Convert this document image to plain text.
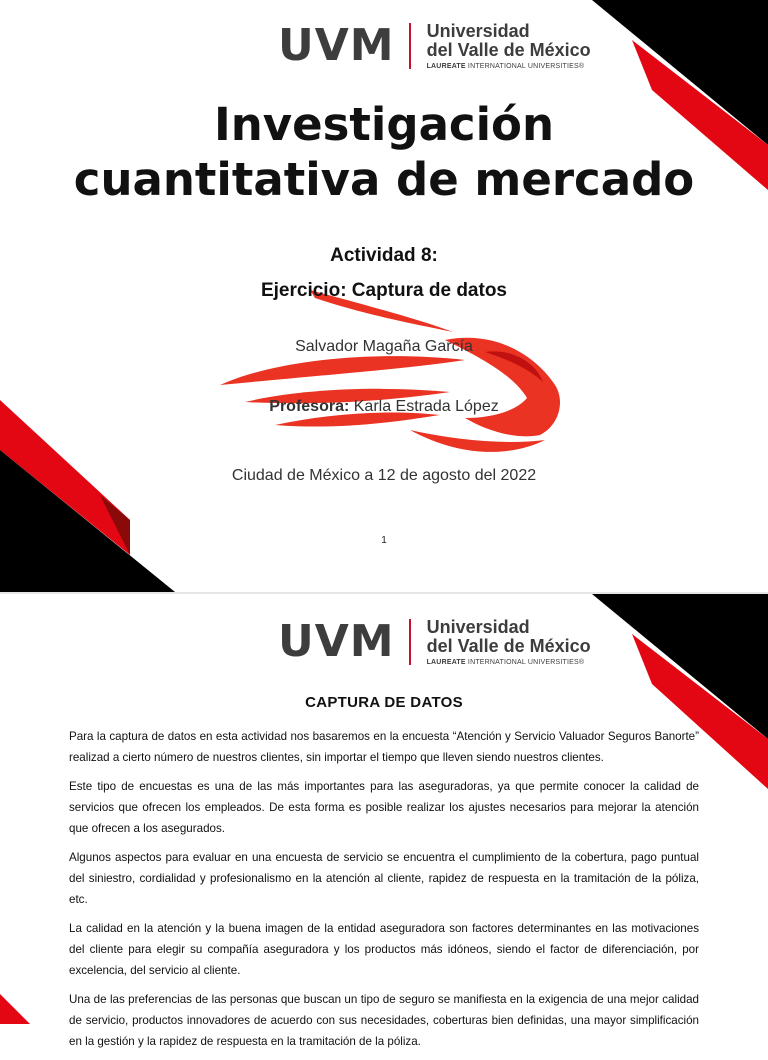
UVM Universidad
del Valle de México
LAUREATE INTERNATIONAL UNIVERSITIES®
Investigación
cuantitativa de mercado
Actividad 8:
Ejercicio: Captura de datos
Salvador Magaña García
Profesora: Karla Estrada López
Ciudad de México a 12 de agosto del 2022
1
UVM Universidad
del Valle de México
LAUREATE INTERNATIONAL UNIVERSITIES®
CAPTURA DE DATOS

Para la captura de datos en esta actividad nos basaremos en la encuesta “Atención y Servicio Valuador Seguros Banorte” realizad a cierto número de nuestros clientes, sin importar el tiempo que lleven siendo nuestros clientes.

Este tipo de encuestas es una de las más importantes para las aseguradoras, ya que permite conocer la calidad de servicios que ofrecen los empleados. De esta forma es posible realizar los ajustes necesarios para mejorar la atención que ofrecen a los asegurados.

Algunos aspectos para evaluar en una encuesta de servicio se encuentra el cumplimiento de la cobertura, pago puntual del siniestro, cordialidad y profesionalismo en la atención al cliente, rapidez de respuesta en la tramitación de la póliza, etc.

La calidad en la atención y la buena imagen de la entidad aseguradora son factores determinantes en las motivaciones del cliente para elegir su compañía aseguradora y los productos más idóneos, siendo el factor de diferenciación, por excelencia, del servicio al cliente.

Una de las preferencias de las personas que buscan un tipo de seguro se manifiesta en la exigencia de una mejor calidad de servicio, productos innovadores de acuerdo con sus necesidades, coberturas bien definidas, una mayor simplificación en la gestión y la rapidez de respuesta en la tramitación de la póliza.
